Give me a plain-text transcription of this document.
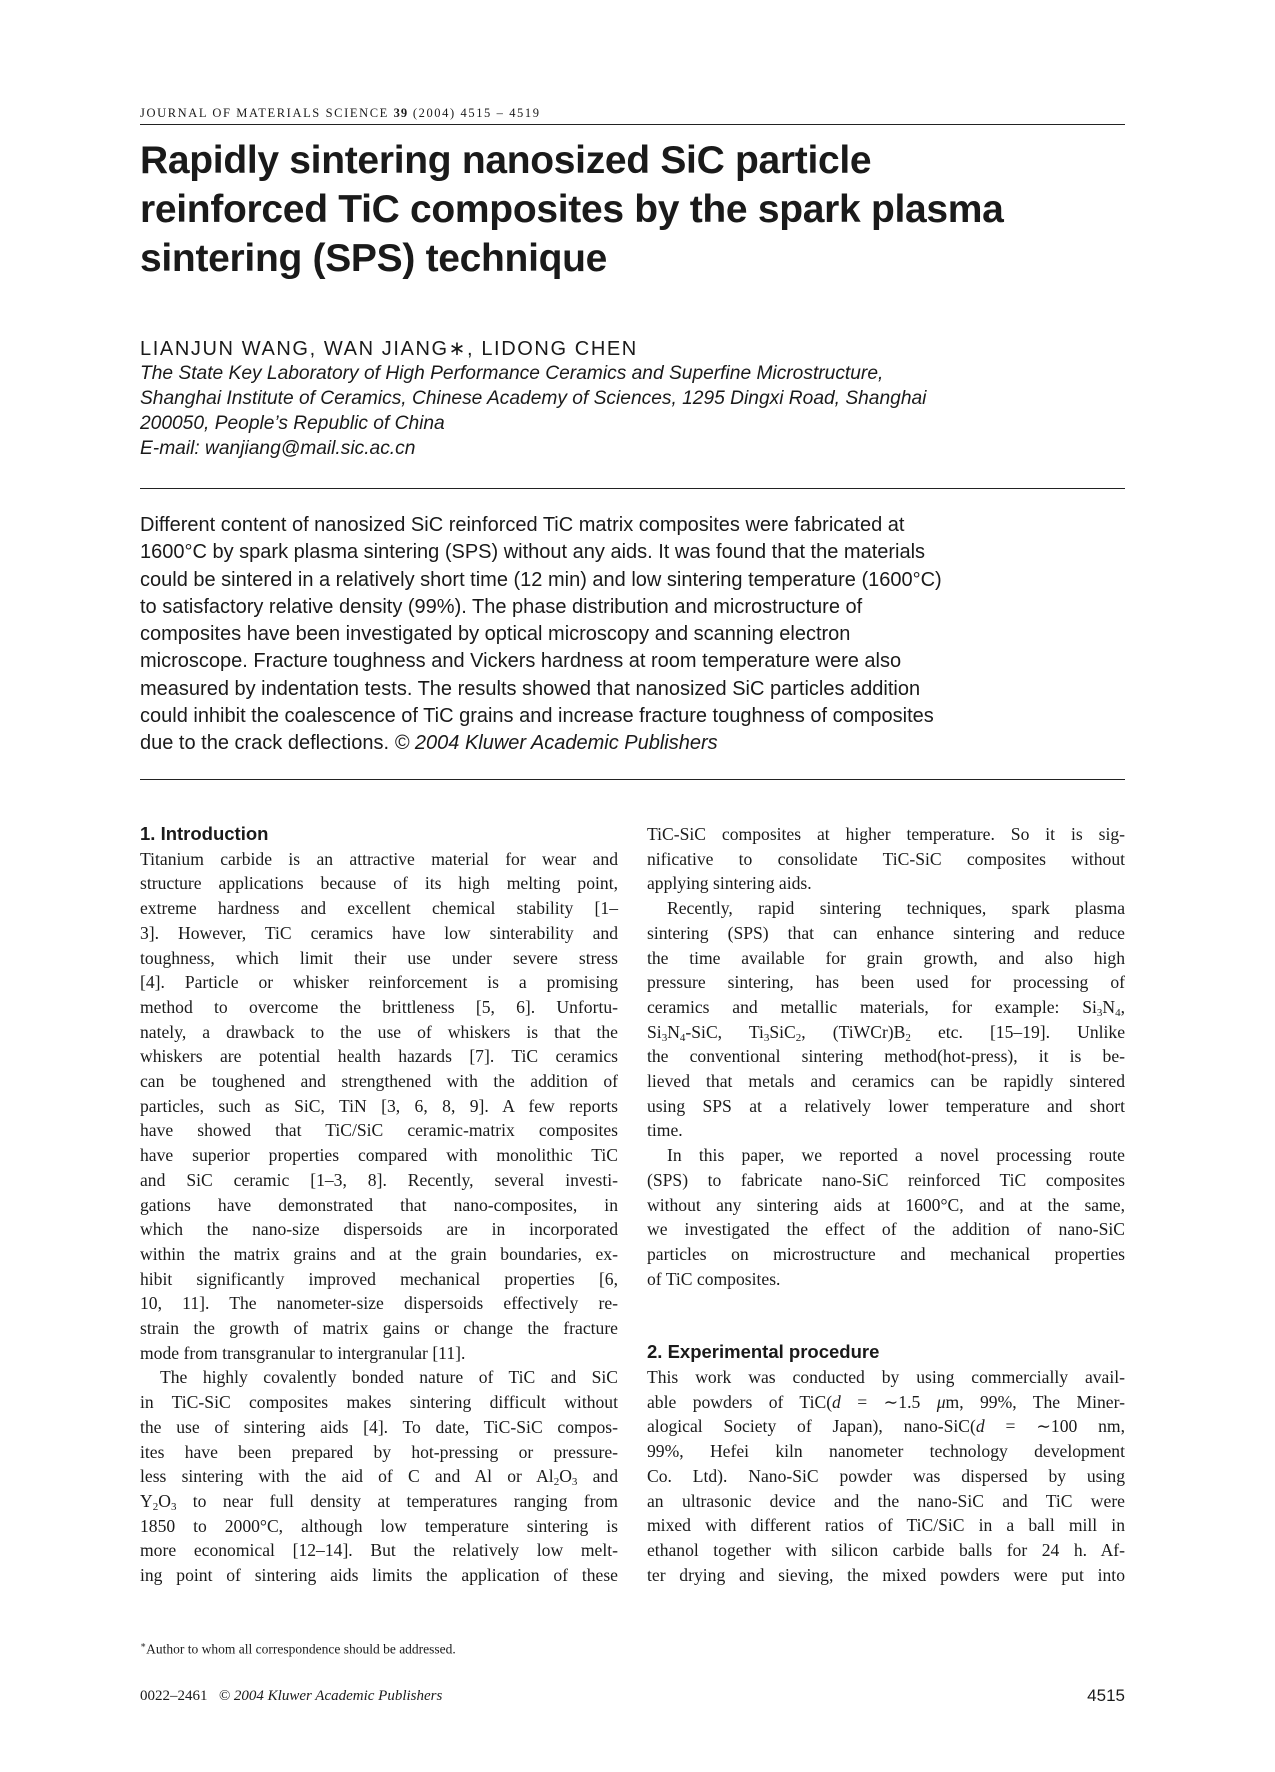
JOURNAL OF MATERIALS SCIENCE 39 (2004) 4515 – 4519
Rapidly sintering nanosized SiC particle
reinforced TiC composites by the spark plasma
sintering (SPS) technique
LIANJUN WANG, WAN JIANG∗, LIDONG CHEN
The State Key Laboratory of High Performance Ceramics and Superfine Microstructure,
Shanghai Institute of Ceramics, Chinese Academy of Sciences, 1295 Dingxi Road, Shanghai
200050, People’s Republic of China
E-mail: wanjiang@mail.sic.ac.cn
Different content of nanosized SiC reinforced TiC matrix composites were fabricated at
1600°C by spark plasma sintering (SPS) without any aids. It was found that the materials
could be sintered in a relatively short time (12 min) and low sintering temperature (1600°C)
to satisfactory relative density (99%). The phase distribution and microstructure of
composites have been investigated by optical microscopy and scanning electron
microscope. Fracture toughness and Vickers hardness at room temperature were also
measured by indentation tests. The results showed that nanosized SiC particles addition
could inhibit the coalescence of TiC grains and increase fracture toughness of composites
due to the crack deflections. © 2004 Kluwer Academic Publishers
1. Introduction
Titanium carbide is an attractive material for wear and
structure applications because of its high melting point,
extreme hardness and excellent chemical stability [1–
3]. However, TiC ceramics have low sinterability and
toughness, which limit their use under severe stress
[4]. Particle or whisker reinforcement is a promising
method to overcome the brittleness [5, 6]. Unfortu-
nately, a drawback to the use of whiskers is that the
whiskers are potential health hazards [7]. TiC ceramics
can be toughened and strengthened with the addition of
particles, such as SiC, TiN [3, 6, 8, 9]. A few reports
have showed that TiC/SiC ceramic-matrix composites
have superior properties compared with monolithic TiC
and SiC ceramic [1–3, 8]. Recently, several investi-
gations have demonstrated that nano-composites, in
which the nano-size dispersoids are in incorporated
within the matrix grains and at the grain boundaries, ex-
hibit significantly improved mechanical properties [6,
10, 11]. The nanometer-size dispersoids effectively re-
strain the growth of matrix gains or change the fracture
mode from transgranular to intergranular [11].
The highly covalently bonded nature of TiC and SiC
in TiC-SiC composites makes sintering difficult without
the use of sintering aids [4]. To date, TiC-SiC compos-
ites have been prepared by hot-pressing or pressure-
less sintering with the aid of C and Al or $Al_2O_3$ and
$Y_2O_3$ to near full density at temperatures ranging from
1850 to 2000°C, although low temperature sintering is
more economical [12–14]. But the relatively low melt-
ing point of sintering aids limits the application of these
TiC-SiC composites at higher temperature. So it is sig-
nificative to consolidate TiC-SiC composites without
applying sintering aids.
Recently, rapid sintering techniques, spark plasma
sintering (SPS) that can enhance sintering and reduce
the time available for grain growth, and also high
pressure sintering, has been used for processing of
ceramics and metallic materials, for example: $Si_3N_4$,
$Si_3N_4$-SiC, $Ti_3SiC_2$, $(TiWCr)B_2$ etc. [15–19]. Unlike
the conventional sintering method(hot-press), it is be-
lieved that metals and ceramics can be rapidly sintered
using SPS at a relatively lower temperature and short
time.
In this paper, we reported a novel processing route
(SPS) to fabricate nano-SiC reinforced TiC composites
without any sintering aids at 1600°C, and at the same,
we investigated the effect of the addition of nano-SiC
particles on microstructure and mechanical properties
of TiC composites.
2. Experimental procedure
This work was conducted by using commercially avail-
able powders of TiC(d = ∼1.5 μm, 99%, The Miner-
alogical Society of Japan), nano-SiC(d = ∼100 nm,
99%, Hefei kiln nanometer technology development
Co. Ltd). Nano-SiC powder was dispersed by using
an ultrasonic device and the nano-SiC and TiC were
mixed with different ratios of TiC/SiC in a ball mill in
ethanol together with silicon carbide balls for 24 h. Af-
ter drying and sieving, the mixed powders were put into
∗Author to whom all correspondence should be addressed.
0022–2461 © 2004 Kluwer Academic Publishers	4515
